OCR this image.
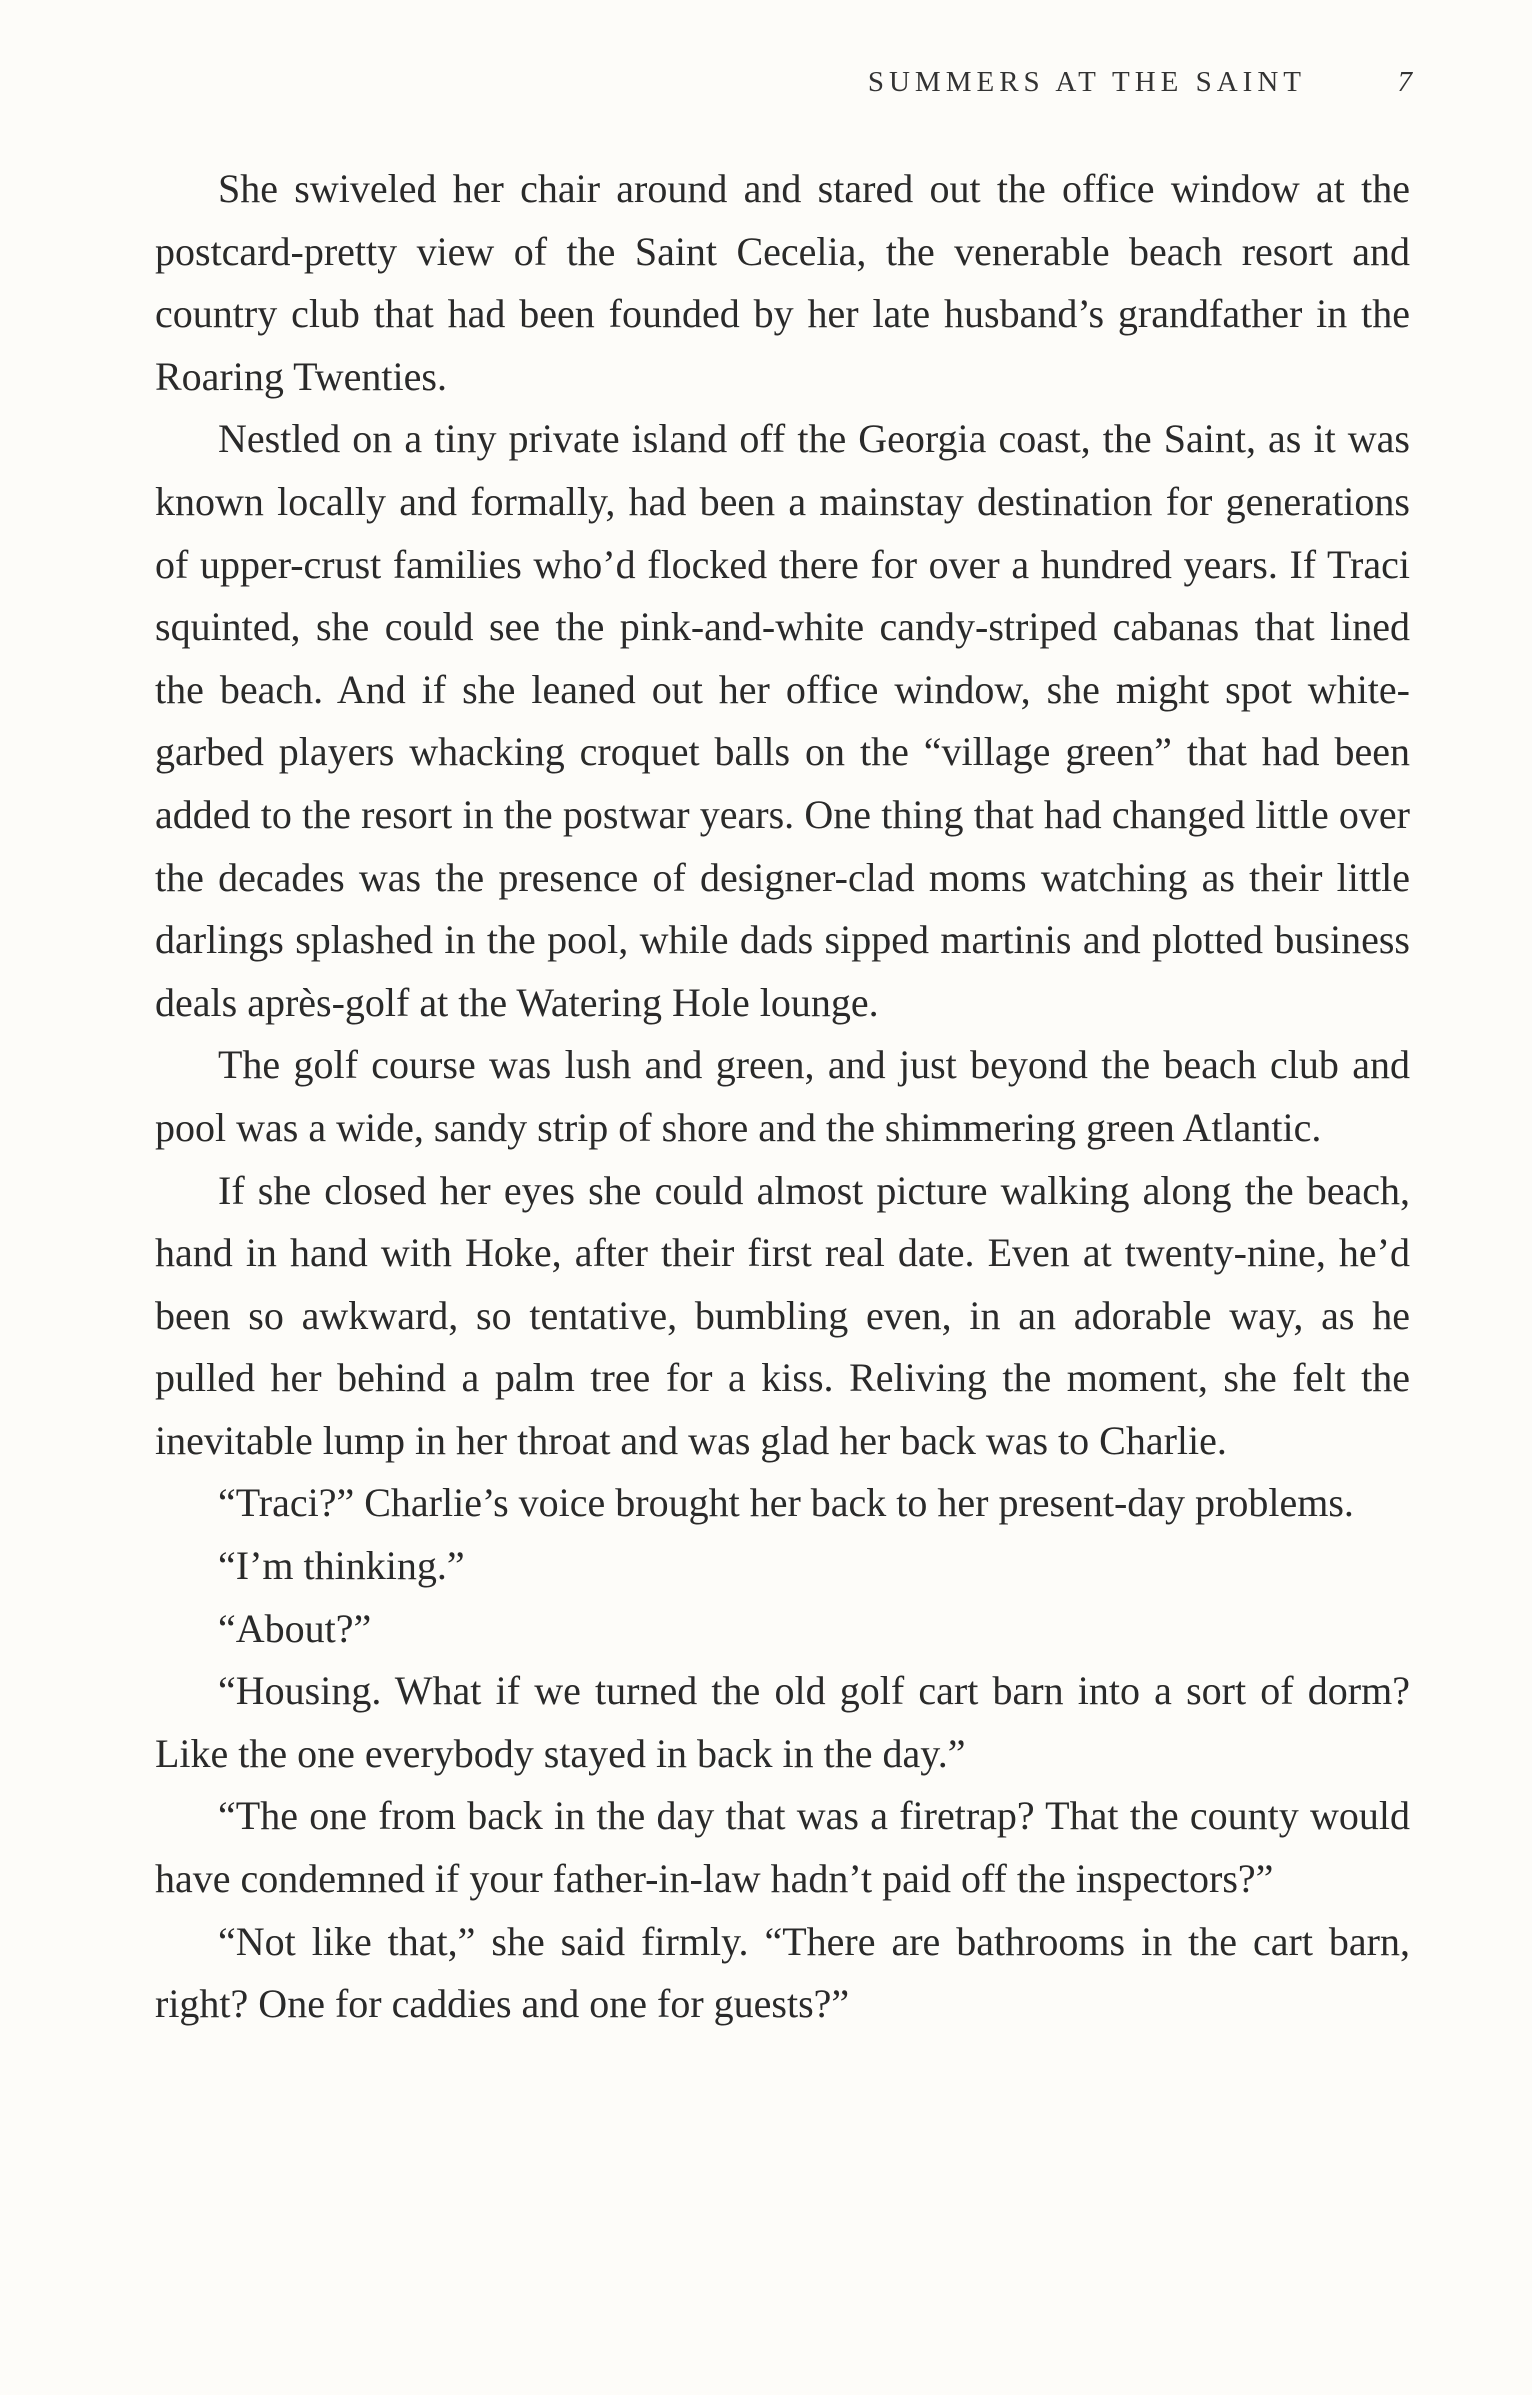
SUMMERS AT THE SAINT	7

She swiveled her chair around and stared out the office window at the postcard-pretty view of the Saint Cecelia, the venerable beach resort and country club that had been founded by her late husband’s grandfather in the Roaring Twenties.

Nestled on a tiny private island off the Georgia coast, the Saint, as it was known locally and formally, had been a mainstay destination for generations of upper-crust families who’d flocked there for over a hundred years. If Traci squinted, she could see the pink-and-white candy-striped cabanas that lined the beach. And if she leaned out her office window, she might spot white-garbed players whacking croquet balls on the “village green” that had been added to the resort in the postwar years. One thing that had changed little over the decades was the presence of designer-clad moms watching as their little darlings splashed in the pool, while dads sipped martinis and plotted business deals après-golf at the Watering Hole lounge.

The golf course was lush and green, and just beyond the beach club and pool was a wide, sandy strip of shore and the shimmering green Atlantic.

If she closed her eyes she could almost picture walking along the beach, hand in hand with Hoke, after their first real date. Even at twenty-nine, he’d been so awkward, so tentative, bumbling even, in an adorable way, as he pulled her behind a palm tree for a kiss. Reliving the moment, she felt the inevitable lump in her throat and was glad her back was to Charlie.

“Traci?” Charlie’s voice brought her back to her present-day problems.

“I’m thinking.”

“About?”

“Housing. What if we turned the old golf cart barn into a sort of dorm? Like the one everybody stayed in back in the day.”

“The one from back in the day that was a firetrap? That the county would have condemned if your father-in-law hadn’t paid off the inspectors?”

“Not like that,” she said firmly. “There are bathrooms in the cart barn, right? One for caddies and one for guests?”
